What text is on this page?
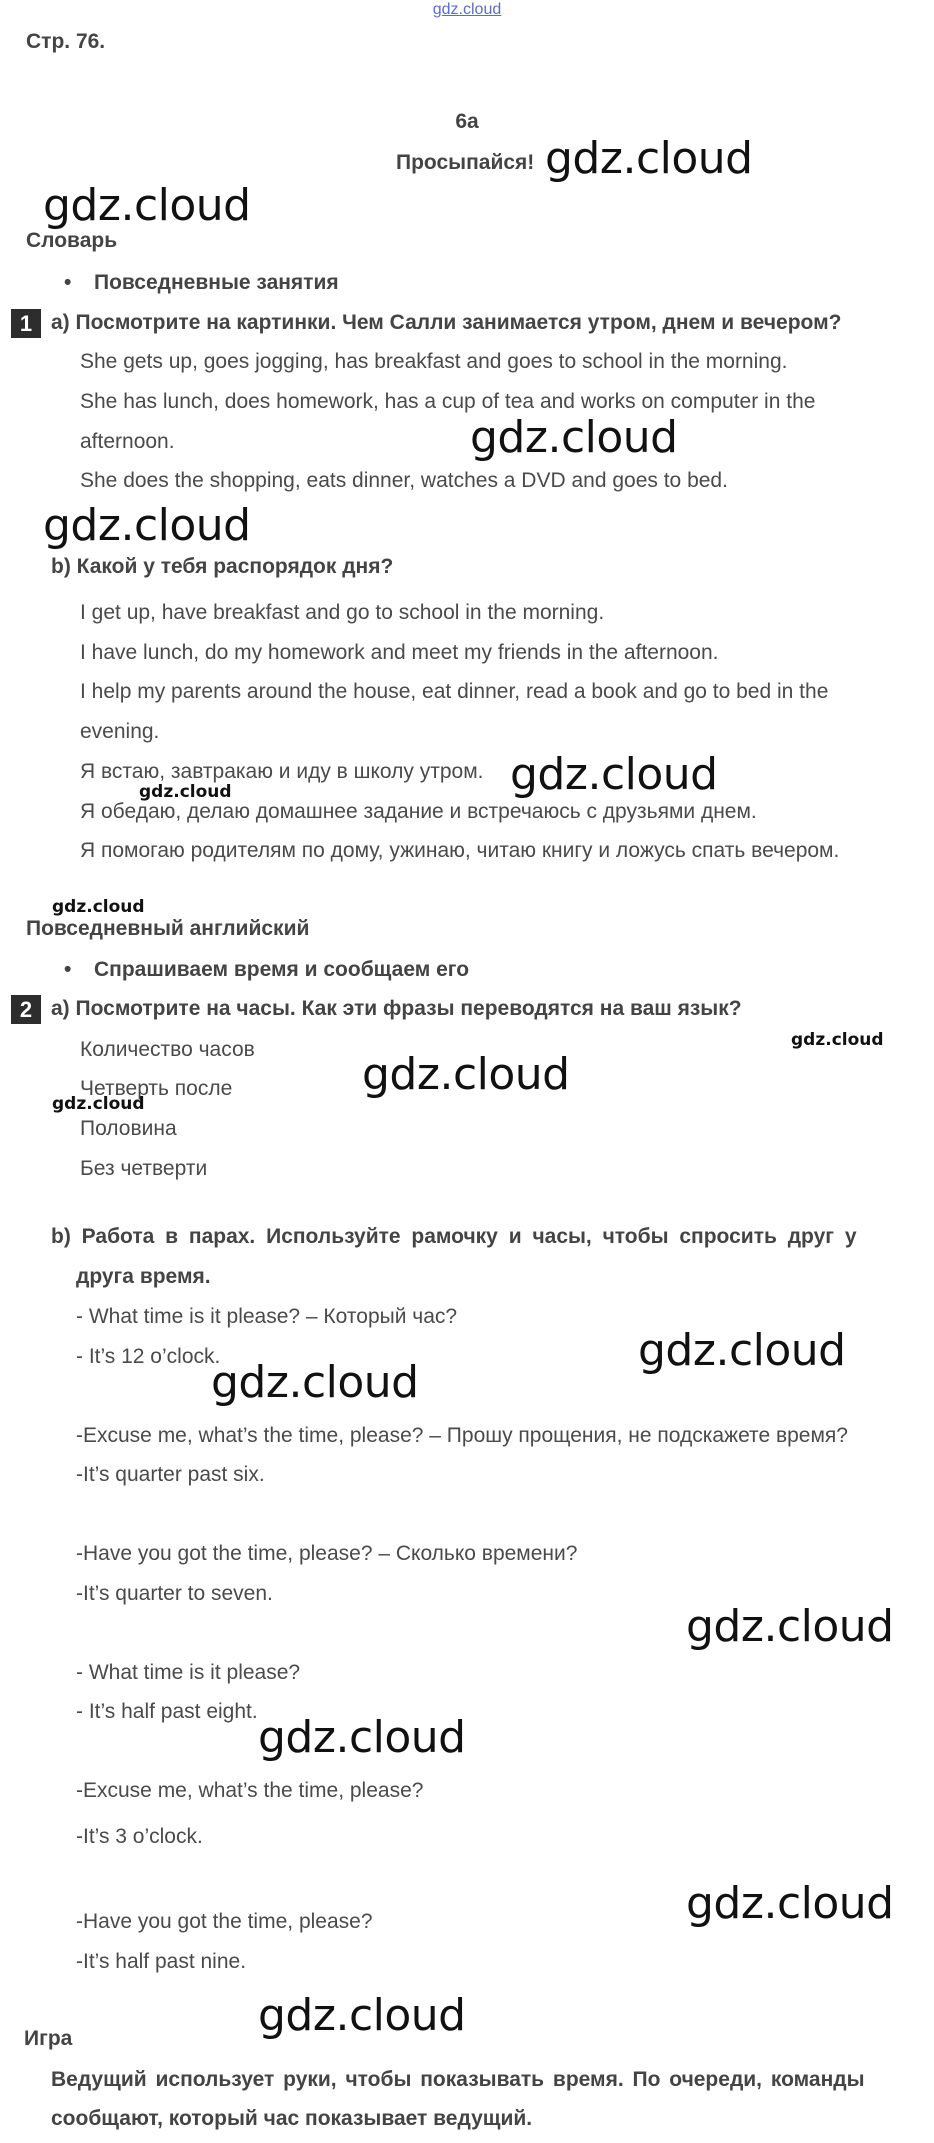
gdz.cloud
Стр. 76.
6a
Просыпайся!
Словарь
• Повседневные занятия
1 a) Посмотрите на картинки. Чем Салли занимается утром, днем и вечером?
She gets up, goes jogging, has breakfast and goes to school in the morning.
She has lunch, does homework, has a cup of tea and works on computer in the
afternoon.
She does the shopping, eats dinner, watches a DVD and goes to bed.
b) Какой у тебя распорядок дня?
I get up, have breakfast and go to school in the morning.
I have lunch, do my homework and meet my friends in the afternoon.
I help my parents around the house, eat dinner, read a book and go to bed in the
evening.
Я встаю, завтракаю и иду в школу утром.
Я обедаю, делаю домашнее задание и встречаюсь с друзьями днем.
Я помогаю родителям по дому, ужинаю, читаю книгу и ложусь спать вечером.
Повседневный английский
• Спрашиваем время и сообщаем его
2 a) Посмотрите на часы. Как эти фразы переводятся на ваш язык?
Количество часов
Четверть после
Половина
Без четверти
b) Работа в парах. Используйте рамочку и часы, чтобы спросить друг у
друга время.
- What time is it please? – Который час?
- It’s 12 o’clock.
-Excuse me, what’s the time, please? – Прошу прощения, не подскажете время?
-It’s quarter past six.
-Have you got the time, please? – Сколько времени?
-It’s quarter to seven.
- What time is it please?
- It’s half past eight.
-Excuse me, what’s the time, please?
-It’s 3 o’clock.
-Have you got the time, please?
-It’s half past nine.
Игра
Ведущий использует руки, чтобы показывать время. По очереди, команды
сообщают, который час показывает ведущий.
gdz.cloud
gdz.cloud
gdz.cloud
gdz.cloud
gdz.cloud
gdz.cloud
gdz.cloud
gdz.cloud
gdz.cloud
gdz.cloud
gdz.cloud
gdz.cloud
gdz.cloud
gdz.cloud
gdz.cloud
gdz.cloud
